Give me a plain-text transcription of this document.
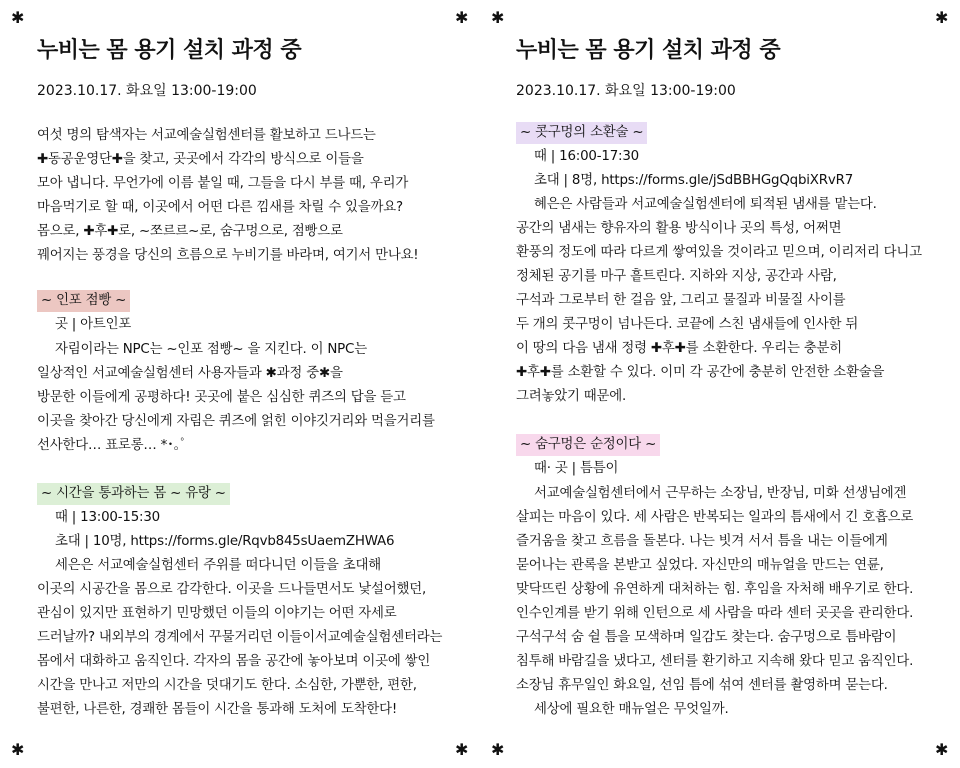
✱	✱ ✱	✱
✱	✱ ✱	✱
누비는 몸 용기 설치 과정 중
2023.10.17. 화요일 13:00-19:00
여섯 명의 탐색자는 서교예술실험센터를 활보하고 드나드는
✚동공운영단✚을 찾고, 곳곳에서 각각의 방식으로 이들을
모아 냅니다. 무언가에 이름 붙일 때, 그들을 다시 부를 때, 우리가
마음먹기로 할 때, 이곳에서 어떤 다른 낌새를 차릴 수 있을까요?
몸으로, ✚후✚로, ~쪼르르~로, 숨구멍으로, 점빵으로
꿰어지는 풍경을 당신의 흐름으로 누비기를 바라며, 여기서 만나요!
~ 인포 점빵 ~
곳 | 아트인포
자림이라는 NPC는 ~인포 점빵~ 을 지킨다. 이 NPC는
일상적인 서교예술실험센터 사용자들과 ✱과정 중✱을
방문한 이들에게 공평하다! 곳곳에 붙은 심심한 퀴즈의 답을 듣고
이곳을 찾아간 당신에게 자림은 퀴즈에 얽힌 이야깃거리와 먹을거리를
선사한다… 표로롱… *･｡ﾟ
~ 시간을 통과하는 몸 ~ 유랑 ~
때 | 13:00-15:30
초대 | 10명, https://forms.gle/Rqvb845sUaemZHWA6
세은은 서교예술실험센터 주위를 떠다니던 이들을 초대해
이곳의 시공간을 몸으로 감각한다. 이곳을 드나들면서도 낯설어했던,
관심이 있지만 표현하기 민망했던 이들의 이야기는 어떤 자세로
드러날까? 내외부의 경계에서 꾸물거리던 이들이서교예술실험센터라는
몸에서 대화하고 움직인다. 각자의 몸을 공간에 놓아보며 이곳에 쌓인
시간을 만나고 저만의 시간을 덧대기도 한다. 소심한, 가뿐한, 편한,
불편한, 나른한, 경쾌한 몸들이 시간을 통과해 도처에 도착한다!
누비는 몸 용기 설치 과정 중
2023.10.17. 화요일 13:00-19:00
~ 콧구멍의 소환술 ~
때 | 16:00-17:30
초대 | 8명, https://forms.gle/jSdBBHGgQqbiXRvR7
혜은은 사람들과 서교예술실험센터에 퇴적된 냄새를 맡는다.
공간의 냄새는 향유자의 활용 방식이나 곳의 특성, 어쩌면
환풍의 정도에 따라 다르게 쌓여있을 것이라고 믿으며, 이리저리 다니고
정체된 공기를 마구 흩트린다. 지하와 지상, 공간과 사람,
구석과 그로부터 한 걸음 앞, 그리고 물질과 비물질 사이를
두 개의 콧구멍이 넘나든다. 코끝에 스친 냄새들에 인사한 뒤
이 땅의 다음 냄새 정령 ✚후✚를 소환한다. 우리는 충분히
✚후✚를 소환할 수 있다. 이미 각 공간에 충분히 안전한 소환술을
그려놓았기 때문에.
~ 숨구멍은 순정이다 ~
때· 곳 | 틈틈이
서교예술실험센터에서 근무하는 소장님, 반장님, 미화 선생님에겐
살피는 마음이 있다. 세 사람은 반복되는 일과의 틈새에서 긴 호흡으로
즐거움을 찾고 흐름을 돌본다. 나는 빗겨 서서 틈을 내는 이들에게
묻어나는 관록을 본받고 싶었다. 자신만의 매뉴얼을 만드는 연륜,
맞닥뜨린 상황에 유연하게 대처하는 힘. 후임을 자처해 배우기로 한다.
인수인계를 받기 위해 인턴으로 세 사람을 따라 센터 곳곳을 관리한다.
구석구석 숨 쉴 틈을 모색하며 일감도 찾는다. 숨구멍으로 틈바람이
침투해 바람길을 냈다고, 센터를 환기하고 지속해 왔다 믿고 움직인다.
소장님 휴무일인 화요일, 선임 틈에 섞여 센터를 촬영하며 묻는다.
세상에 필요한 매뉴얼은 무엇일까.
